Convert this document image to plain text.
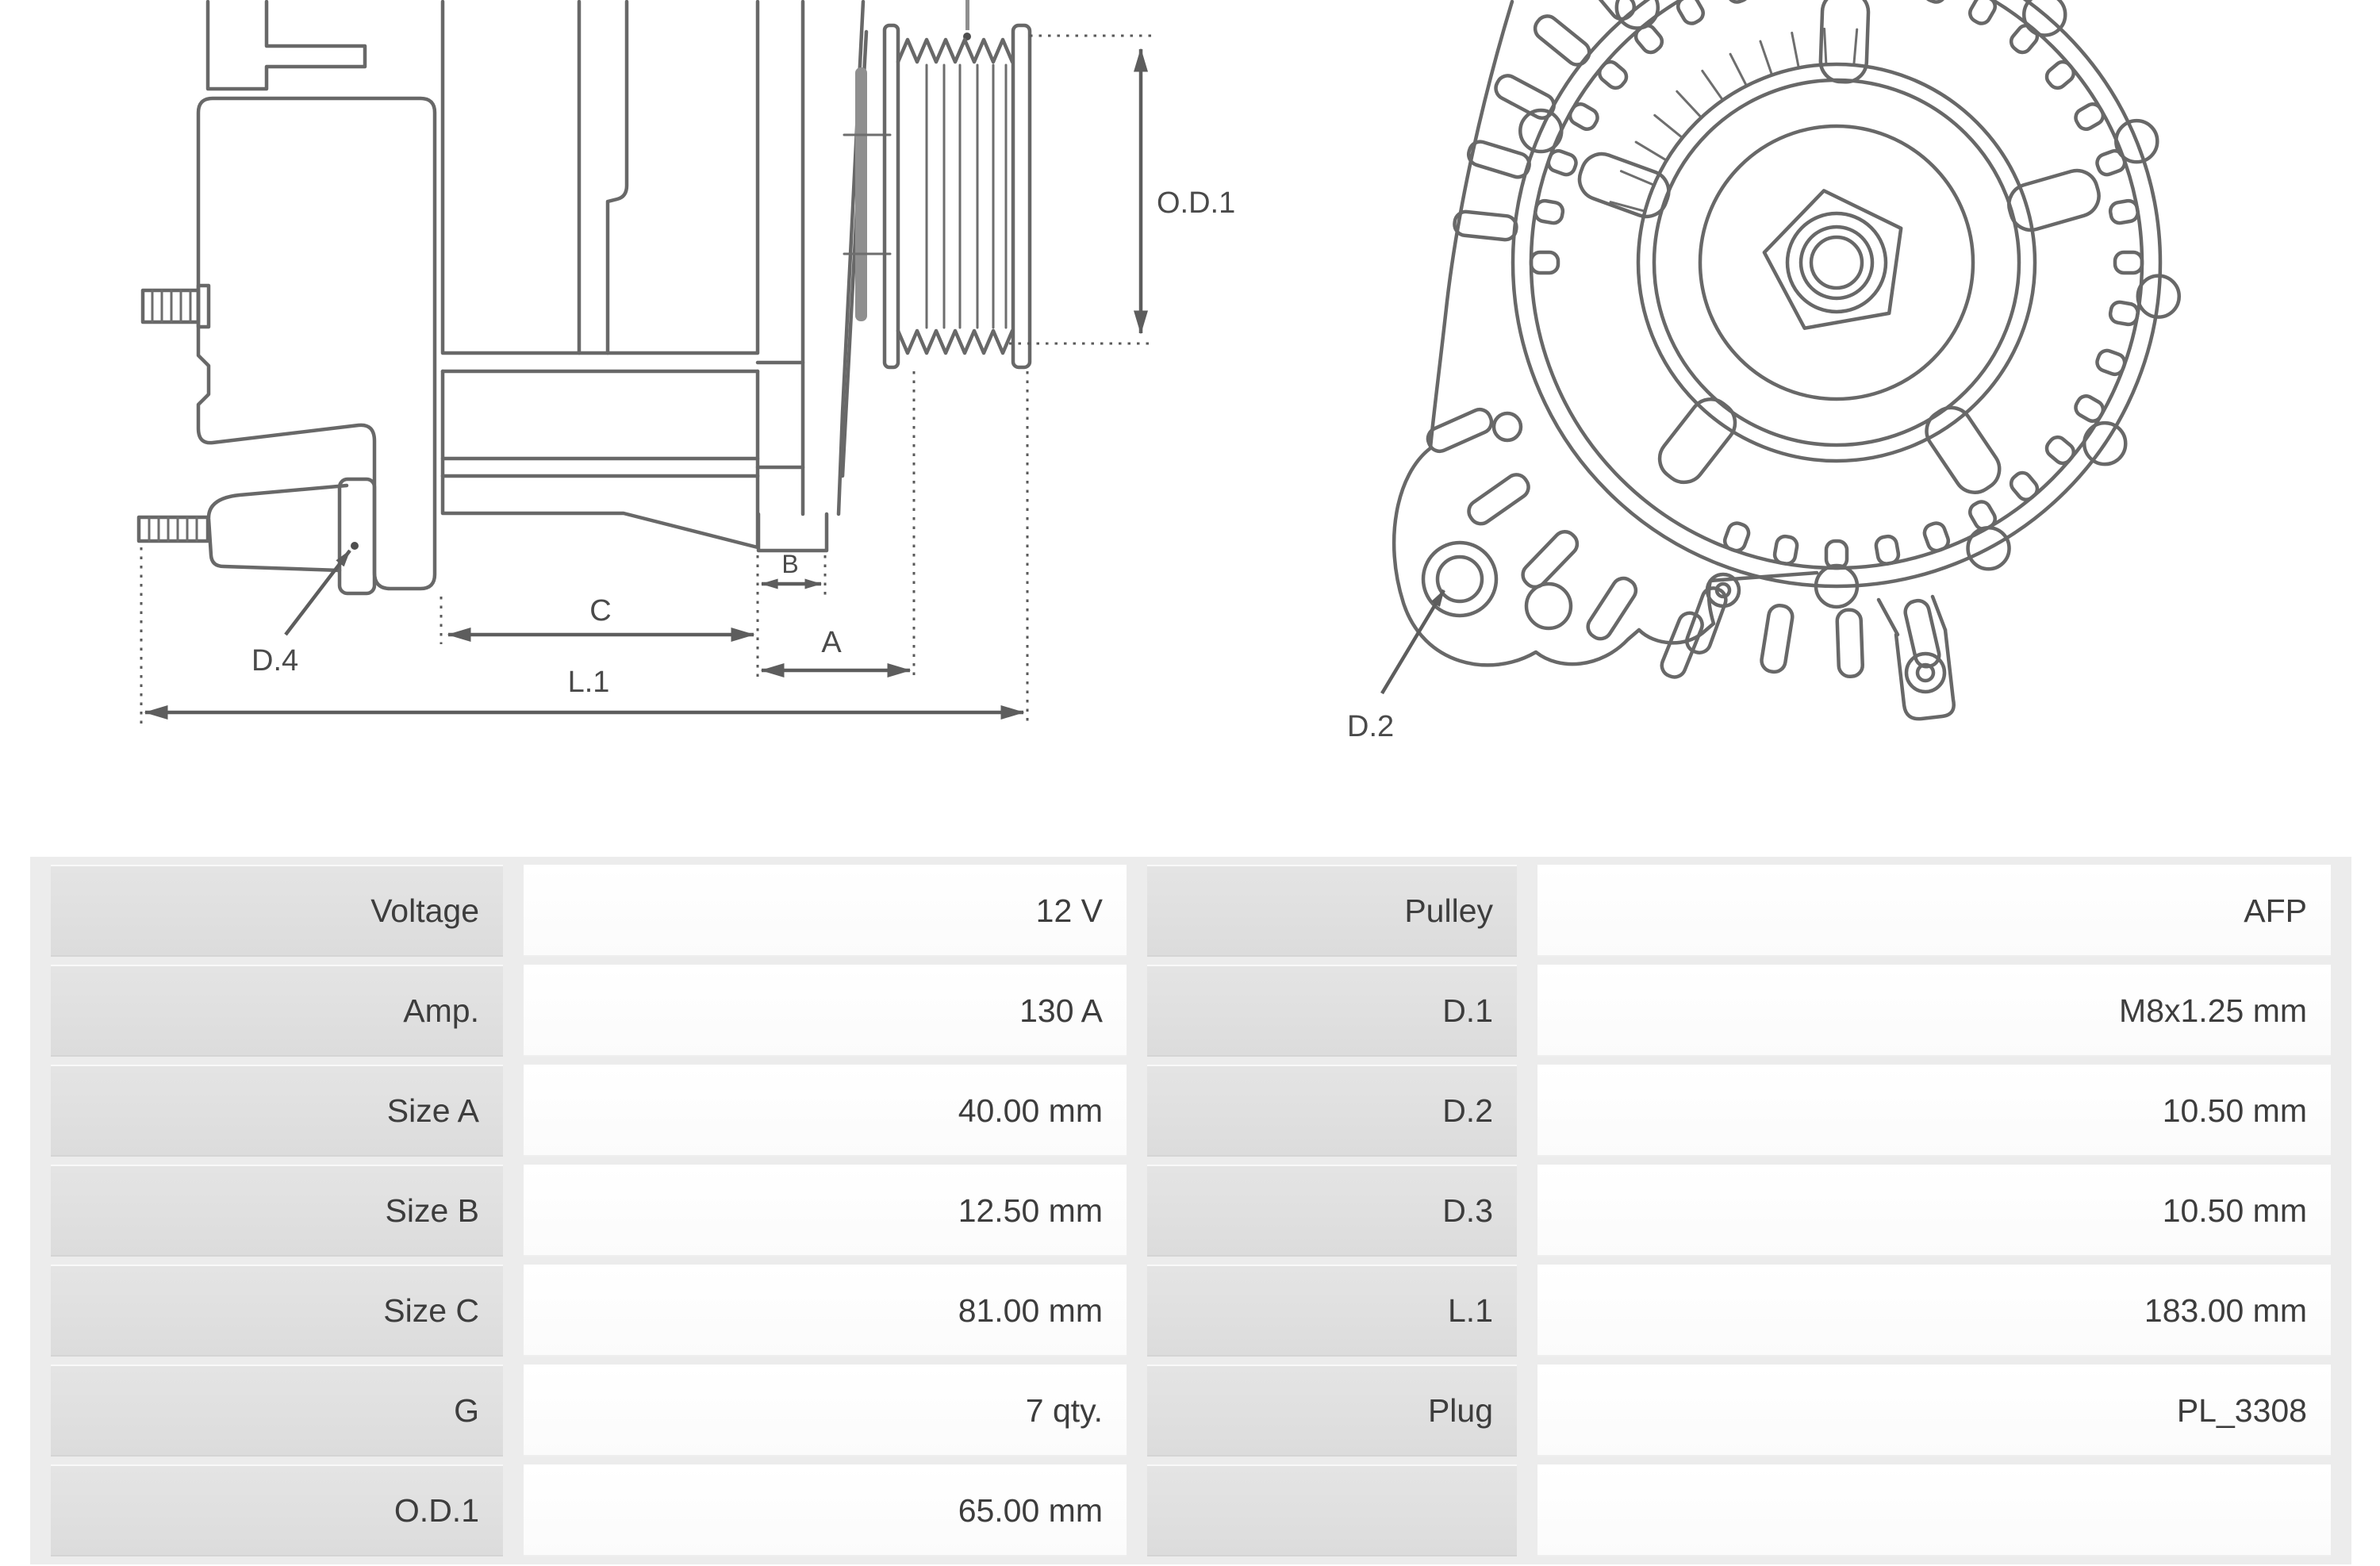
O.D.1
D.4
C
B
A
L.1
D.2
Voltage	12 V	Pulley	AFP
Amp.	130 A	D.1	M8x1.25 mm
Size A	40.00 mm	D.2	10.50 mm
Size B	12.50 mm	D.3	10.50 mm
Size C	81.00 mm	L.1	183.00 mm
G	7 qty.	Plug	PL_3308
O.D.1	65.00 mm		
